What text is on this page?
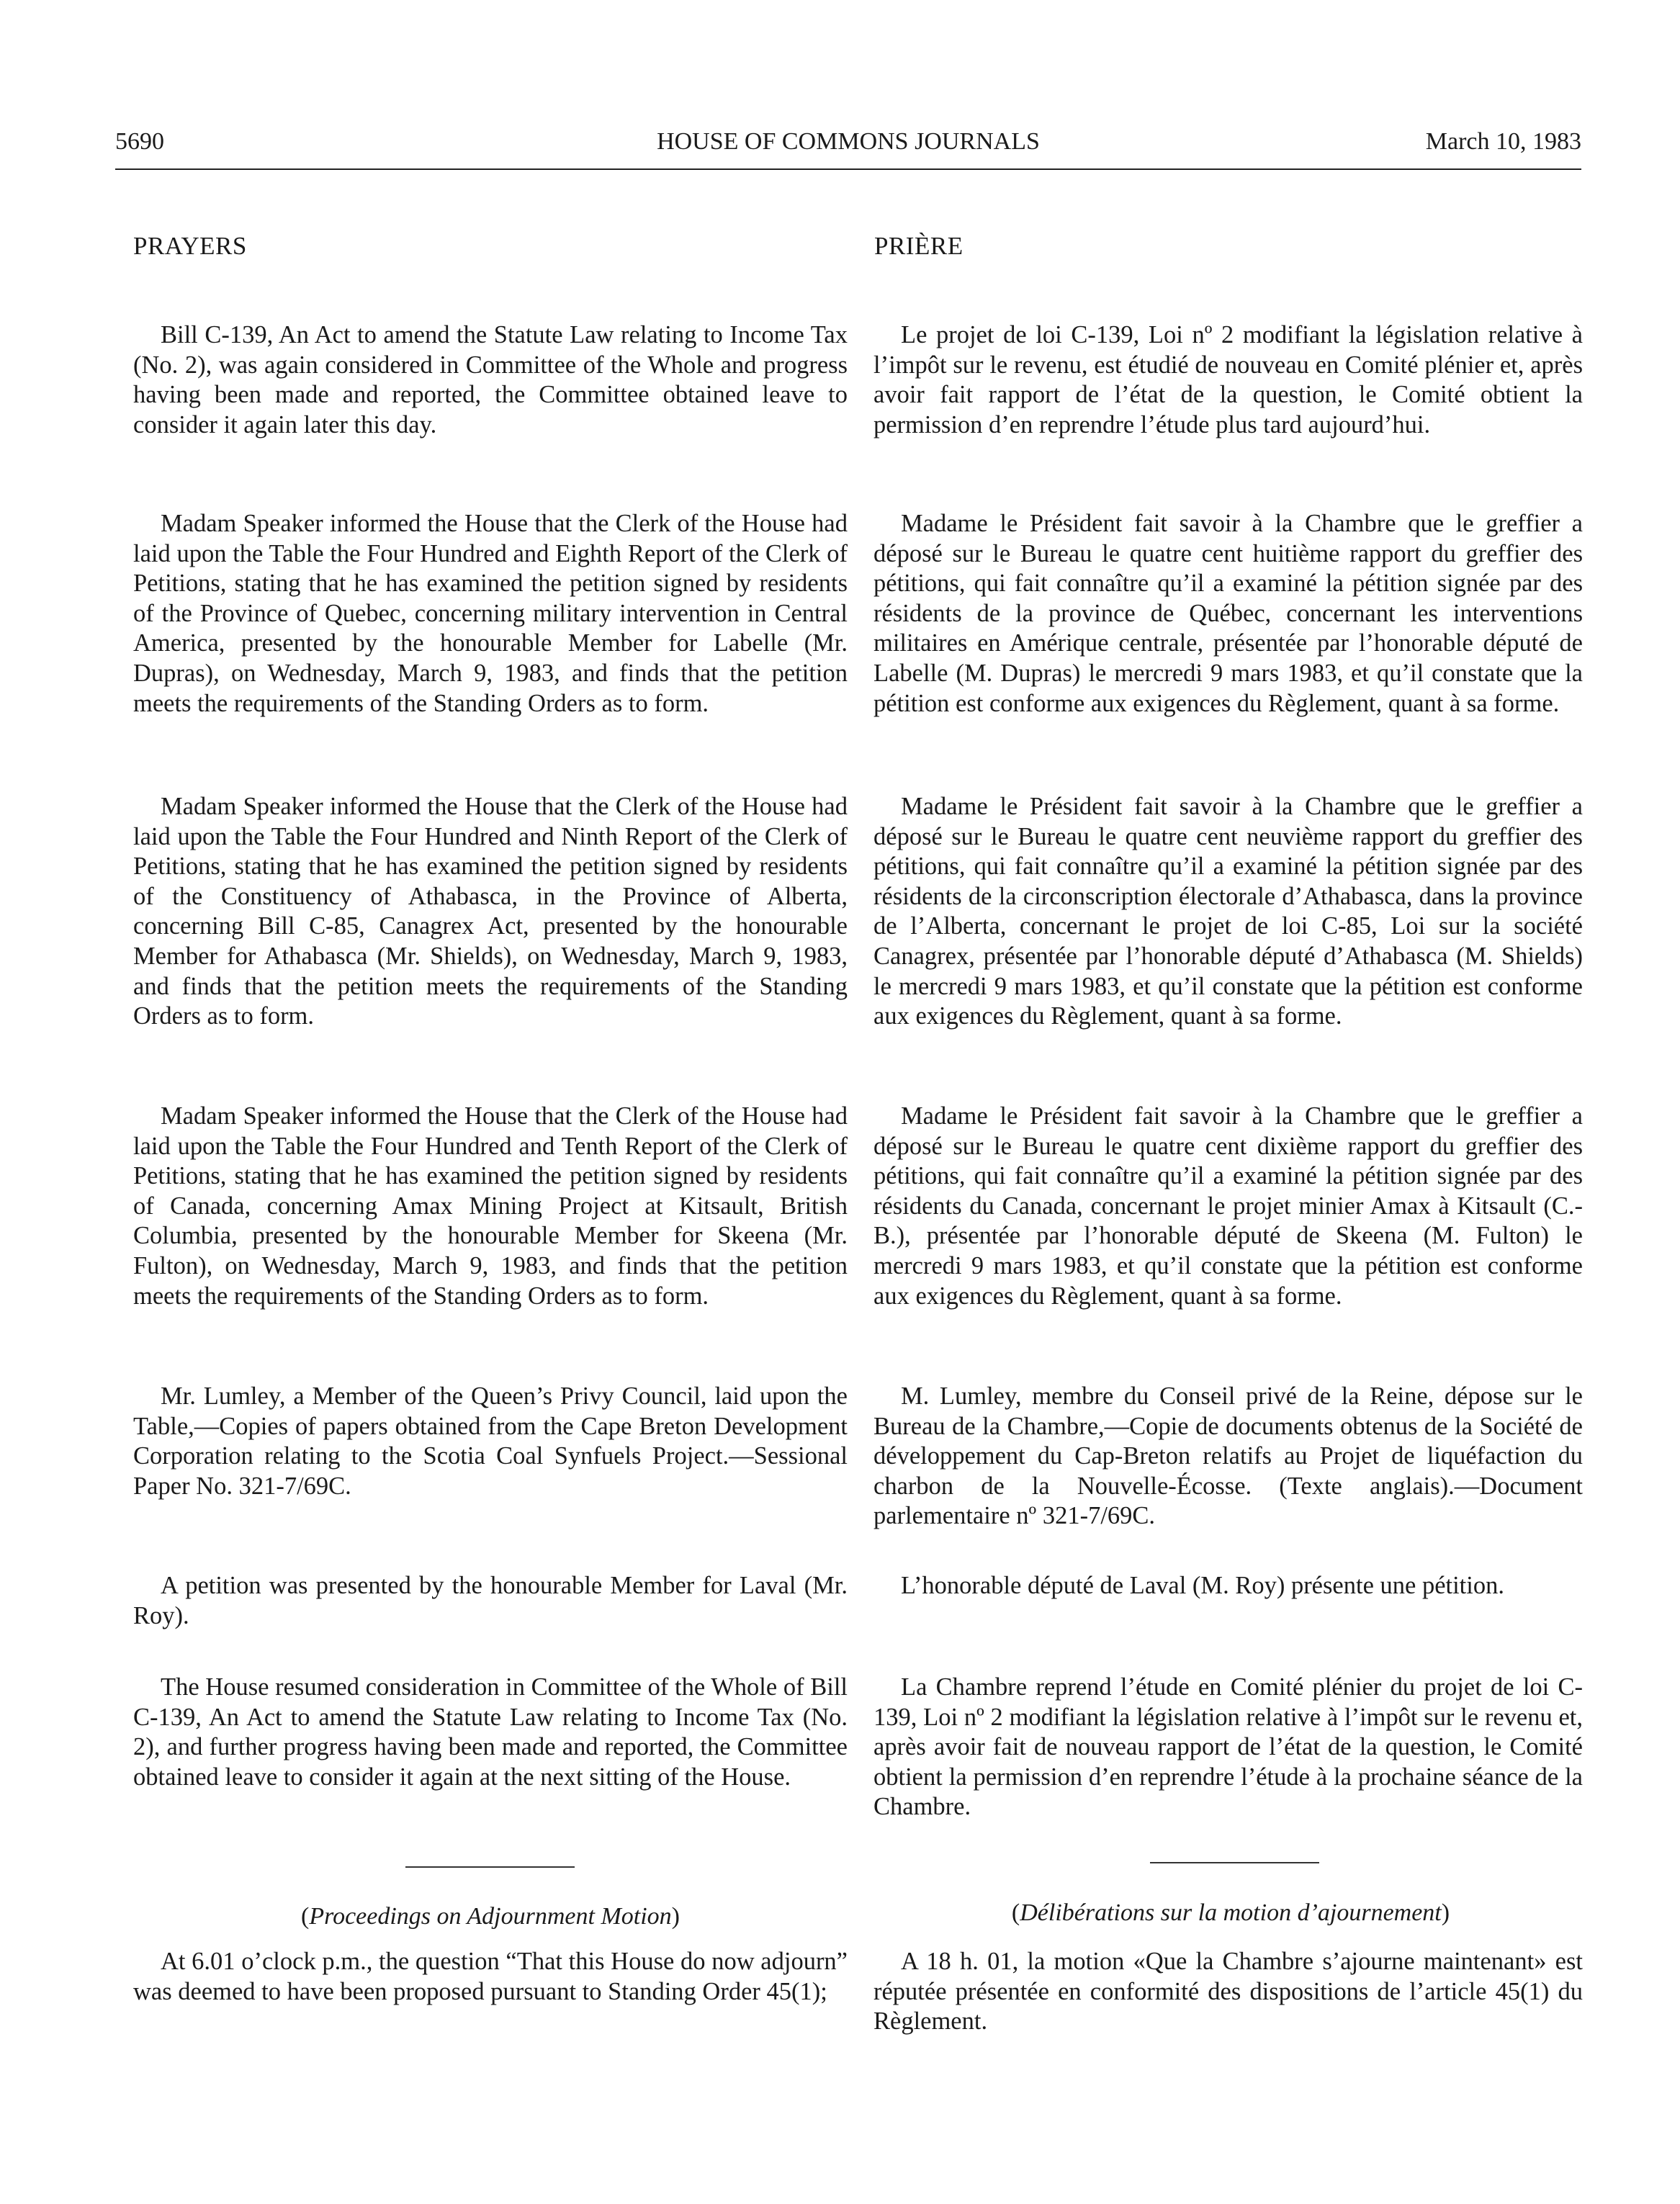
5690	HOUSE OF COMMONS JOURNALS	March 10, 1983
PRAYERS

Bill C-139, An Act to amend the Statute Law relating to Income Tax (No. 2), was again considered in Committee of the Whole and progress having been made and reported, the Committee obtained leave to consider it again later this day.

Madam Speaker informed the House that the Clerk of the House had laid upon the Table the Four Hundred and Eighth Report of the Clerk of Petitions, stating that he has examined the petition signed by residents of the Province of Quebec, concerning military intervention in Central America, presented by the honourable Member for Labelle (Mr. Dupras), on Wednesday, March 9, 1983, and finds that the petition meets the requirements of the Standing Orders as to form.

Madam Speaker informed the House that the Clerk of the House had laid upon the Table the Four Hundred and Ninth Report of the Clerk of Petitions, stating that he has examined the petition signed by residents of the Constituency of Athabasca, in the Province of Alberta, concerning Bill C-85, Canagrex Act, presented by the honourable Member for Athabasca (Mr. Shields), on Wednesday, March 9, 1983, and finds that the petition meets the requirements of the Standing Orders as to form.

Madam Speaker informed the House that the Clerk of the House had laid upon the Table the Four Hundred and Tenth Report of the Clerk of Petitions, stating that he has examined the petition signed by residents of Canada, concerning Amax Mining Project at Kitsault, British Columbia, presented by the honourable Member for Skeena (Mr. Fulton), on Wednesday, March 9, 1983, and finds that the petition meets the requirements of the Standing Orders as to form.

Mr. Lumley, a Member of the Queen’s Privy Council, laid upon the Table,—Copies of papers obtained from the Cape Breton Development Corporation relating to the Scotia Coal Synfuels Project.—Sessional Paper No. 321-7/69C.

A petition was presented by the honourable Member for Laval (Mr. Roy).

The House resumed consideration in Committee of the Whole of Bill C-139, An Act to amend the Statute Law relating to Income Tax (No. 2), and further progress having been made and reported, the Committee obtained leave to consider it again at the next sitting of the House.

(Proceedings on Adjournment Motion)

At 6.01 o’clock p.m., the question “That this House do now adjourn” was deemed to have been proposed pursuant to Standing Order 45(1);

PRIÈRE

Le projet de loi C-139, Loi nº 2 modifiant la législation relative à l’impôt sur le revenu, est étudié de nouveau en Comité plénier et, après avoir fait rapport de l’état de la question, le Comité obtient la permission d’en reprendre l’étude plus tard aujourd’hui.

Madame le Président fait savoir à la Chambre que le greffier a déposé sur le Bureau le quatre cent huitième rapport du greffier des pétitions, qui fait connaître qu’il a examiné la pétition signée par des résidents de la province de Québec, concernant les interventions militaires en Amérique centrale, présentée par l’honorable député de Labelle (M. Dupras) le mercredi 9 mars 1983, et qu’il constate que la pétition est conforme aux exigences du Règlement, quant à sa forme.

Madame le Président fait savoir à la Chambre que le greffier a déposé sur le Bureau le quatre cent neuvième rapport du greffier des pétitions, qui fait connaître qu’il a examiné la pétition signée par des résidents de la circonscription électorale d’Athabasca, dans la province de l’Alberta, concernant le projet de loi C-85, Loi sur la société Canagrex, présentée par l’honorable député d’Athabasca (M. Shields) le mercredi 9 mars 1983, et qu’il constate que la pétition est conforme aux exigences du Règlement, quant à sa forme.

Madame le Président fait savoir à la Chambre que le greffier a déposé sur le Bureau le quatre cent dixième rapport du greffier des pétitions, qui fait connaître qu’il a examiné la pétition signée par des résidents du Canada, concernant le projet minier Amax à Kitsault (C.-B.), présentée par l’honorable député de Skeena (M. Fulton) le mercredi 9 mars 1983, et qu’il constate que la pétition est conforme aux exigences du Règlement, quant à sa forme.

M. Lumley, membre du Conseil privé de la Reine, dépose sur le Bureau de la Chambre,—Copie de documents obtenus de la Société de développement du Cap-Breton relatifs au Projet de liquéfaction du charbon de la Nouvelle-Écosse. (Texte anglais).—Document parlementaire nº 321-7/69C.

L’honorable député de Laval (M. Roy) présente une pétition.

La Chambre reprend l’étude en Comité plénier du projet de loi C-139, Loi nº 2 modifiant la législation relative à l’impôt sur le revenu et, après avoir fait de nouveau rapport de l’état de la question, le Comité obtient la permission d’en reprendre l’étude à la prochaine séance de la Chambre.

(Délibérations sur la motion d’ajournement)

A 18 h. 01, la motion «Que la Chambre s’ajourne maintenant» est réputée présentée en conformité des dispositions de l’article 45(1) du Règlement.
